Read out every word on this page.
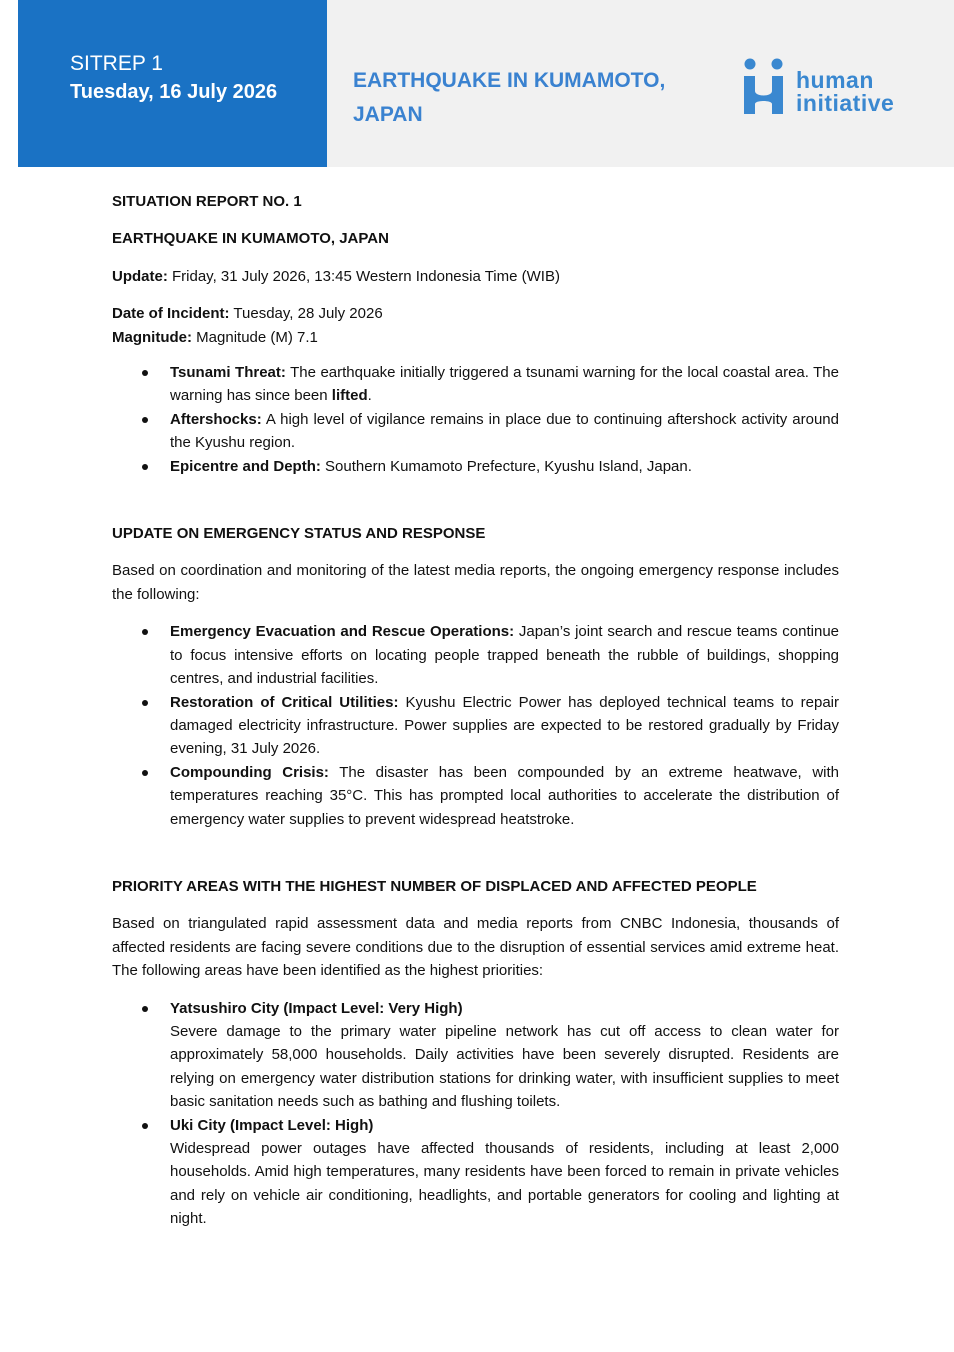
SITREP 1
Tuesday, 16 July 2026	EARTHQUAKE IN KUMAMOTO, JAPAN
human
initiative

SITUATION REPORT NO. 1

EARTHQUAKE IN KUMAMOTO, JAPAN

Update: Friday, 31 July 2026, 13:45 Western Indonesia Time (WIB)

Date of Incident: Tuesday, 28 July 2026

Magnitude: Magnitude (M) 7.1

Tsunami Threat: The earthquake initially triggered a tsunami warning for the local coastal area. The warning has since been lifted.
Aftershocks: A high level of vigilance remains in place due to continuing aftershock activity around the Kyushu region.
Epicentre and Depth: Southern Kumamoto Prefecture, Kyushu Island, Japan.

UPDATE ON EMERGENCY STATUS AND RESPONSE

Based on coordination and monitoring of the latest media reports, the ongoing emergency response includes the following:

Emergency Evacuation and Rescue Operations: Japan’s joint search and rescue teams continue to focus intensive efforts on locating people trapped beneath the rubble of buildings, shopping centres, and industrial facilities.
Restoration of Critical Utilities: Kyushu Electric Power has deployed technical teams to repair damaged electricity infrastructure. Power supplies are expected to be restored gradually by Friday evening, 31 July 2026.
Compounding Crisis: The disaster has been compounded by an extreme heatwave, with temperatures reaching 35°C. This has prompted local authorities to accelerate the distribution of emergency water supplies to prevent widespread heatstroke.

PRIORITY AREAS WITH THE HIGHEST NUMBER OF DISPLACED AND AFFECTED PEOPLE

Based on triangulated rapid assessment data and media reports from CNBC Indonesia, thousands of affected residents are facing severe conditions due to the disruption of essential services amid extreme heat. The following areas have been identified as the highest priorities:

Yatsushiro City (Impact Level: Very High)
Severe damage to the primary water pipeline network has cut off access to clean water for approximately 58,000 households. Daily activities have been severely disrupted. Residents are relying on emergency water distribution stations for drinking water, with insufficient supplies to meet basic sanitation needs such as bathing and flushing toilets.
Uki City (Impact Level: High)
Widespread power outages have affected thousands of residents, including at least 2,000 households. Amid high temperatures, many residents have been forced to remain in private vehicles and rely on vehicle air conditioning, headlights, and portable generators for cooling and lighting at night.
